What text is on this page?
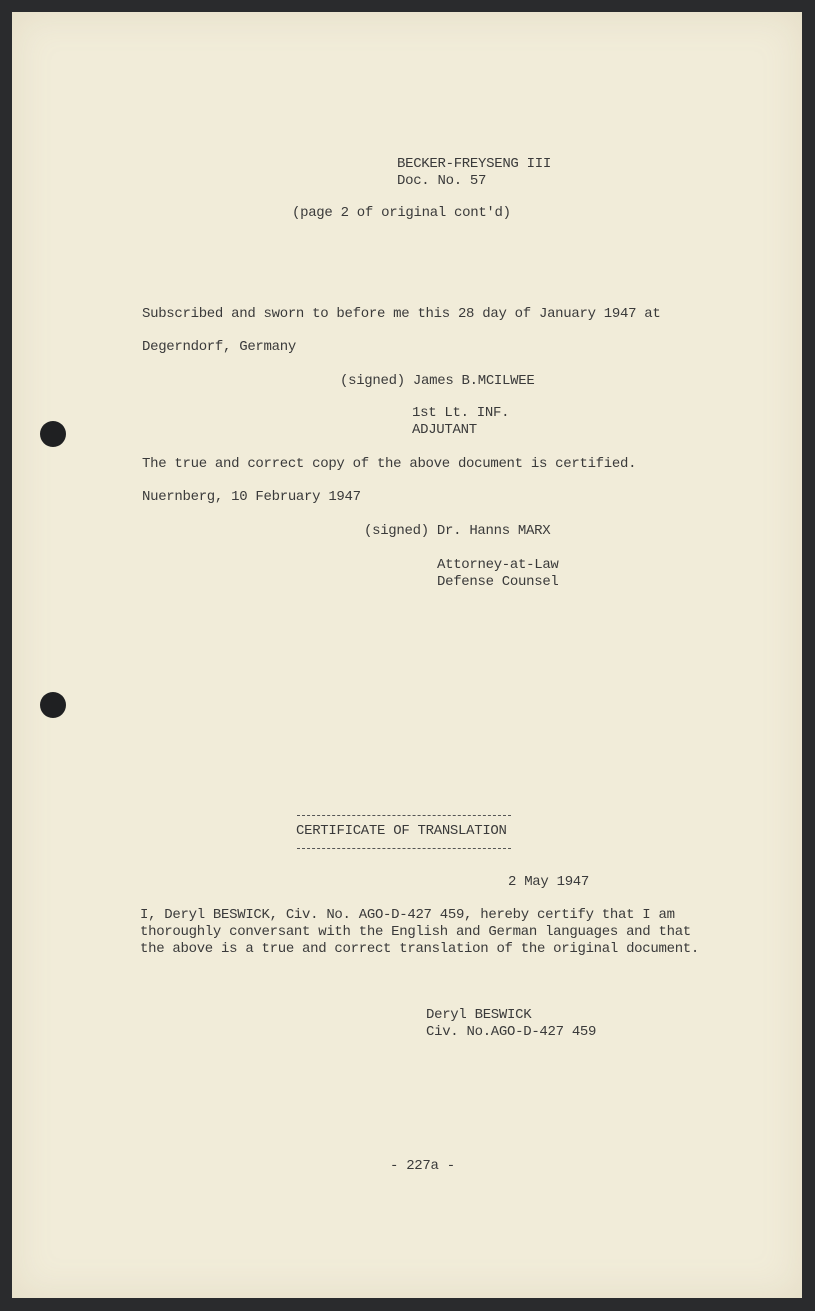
BECKER-FREYSENG III
Doc. No. 57
(page 2 of original cont'd)
Subscribed and sworn to before me this 28 day of January 1947 at
Degerndorf, Germany
(signed) James B.MCILWEE
1st Lt. INF.
ADJUTANT
The true and correct copy of the above document is certified.
Nuernberg, 10 February 1947
(signed) Dr. Hanns MARX
Attorney-at-Law
Defense Counsel
CERTIFICATE OF TRANSLATION
2 May 1947
I, Deryl BESWICK, Civ. No. AGO-D-427 459, hereby certify that I am
thoroughly conversant with the English and German languages and that
the above is a true and correct translation of the original document.
Deryl BESWICK
Civ. No.AGO-D-427 459
- 227a -
